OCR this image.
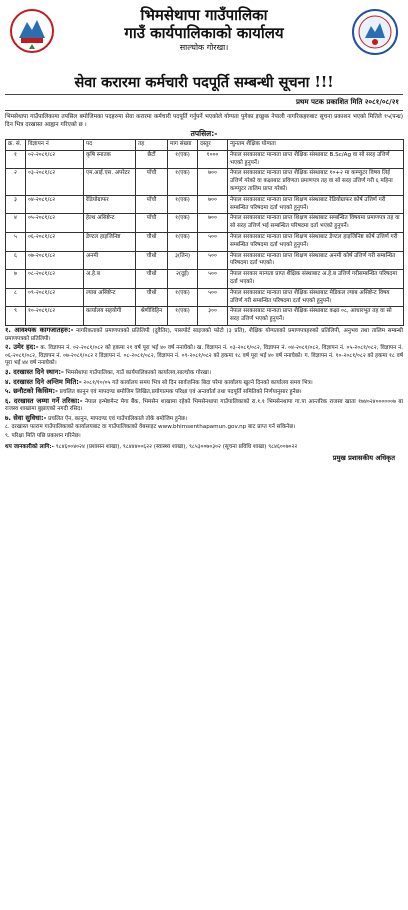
भिमसेथापा गाउँपालिका
गाउँ कार्यपालिकाको कार्यालय
साल्घोक गोरखा।
सेवा करारमा कर्मचारी पदपूर्ति सम्बन्धी सूचना !!!
प्रथम पटक प्रकाशित मिति २०८१/०८/२१
भिमसेथापा गाउँपालिकामा तपसिल बमोजिमका पदहरुमा सेवा करारमा कर्मचारी पदपूर्ति गर्नुपर्ने भएकोले योग्यता पुगेका इच्छुक नेपाली नागरिकहरुबाट सूचना प्रकाशन भएको मितिले १५(पन्ध्र) दिन भित्र दरखास्त आह्वान गरिएको छ ।
तपसिल:-
क्र. सं.	विज्ञापन नं	पद	तह	माग संख्या	दस्तुर	न्युनतम शैक्षिक योग्यता
१	०२-२०८१/८२	कृषि स्नातक	छैटौं	१(एक)	१०००	नेपाल सरकारबाट मान्यता प्राप्त शैक्षिक संस्थाबाट B.Sc/Ag वा सो सरह उत्तिर्ण भएको हुनुपर्ने।
२	०३-२०८१/८२	एम.आई.एस. अपरेटर	पाँचौ	१(एक)	७००	नेपाल सरकारबाट मान्यता प्राप्त शैक्षिक संस्थाबाट १०+२ मा कम्प्युटर विषय लिई उत्तिर्ण गरेको वा कक्षाबाट प्रविणता प्रमाणपत्र तह वा सो सरह उत्तिर्ण गरी ६ महिना कम्प्युटर तालिम प्राप्त गरेको।
३	०४-२०८१/८२	रेडियोग्राफर	पाँचौ	१(एक)	७००	नेपाल सरकारबाट मान्यता प्राप्त शिक्षण संस्थाबाट रेडियोग्राफर कोर्ष उत्तिर्ण गरी सम्बन्धित परिषदमा दर्ता भएको हुनुपर्ने।
४	०५-२०८१/८२	हेल्थ असिष्टेन्ट	पाँचौ	१(एक)	७००	नेपाल सरकारबाट मान्यता प्राप्त शिक्षण संस्थाबाट सम्बन्धित विषयमा प्रमाणपत्र तह वा सो सरह उत्तिर्ण भई सम्बन्धित परिषदमा दर्ता भएको हुनुपर्ने।
५	०६-२०८१/८२	डेण्टल हाइजिनिष्ट	चौथो	१(एक)	५००	नेपाल सरकारबाट मान्यता प्राप्त शिक्षण संस्थाबाट डेण्टल हाइजिनिष्ट कोर्ष उत्तिर्ण गरी सम्बन्धित परिषदमा दर्ता भएको हुनुपर्ने।
६	०७-२०८१/८२	अनमी	चौथो	३(तिन)	५००	नेपाल सरकारबाट मान्यता प्राप्त शिक्षण संस्थाबाट अनमी कोर्ष उत्तिर्ण गरी सम्बन्धित परिषदमा दर्ता भएको।
७	०८-२०८१/८२	अ.हे.ब	चौथो	२(दुई)	५००	नेपाल सरकार मान्यता प्राप्त शैक्षिक संस्थाबाट अ.हे.ब उत्तिर्ण गरीसम्बन्धित परिषदमा दर्ता भएको।
८	०९-२०८१/८२	ल्याब असिष्टेन्ट	चौथो	१(एक)	५००	नेपाल सरकारबाट मान्यता प्राप्त शैक्षिक संस्थाबाट मेडिकल ल्याब असिष्टेन्ट विषय उत्तिर्ण गरी सम्बन्धित परिषदमा दर्ता भएको हुनुपर्ने।
९	१०-२०८१/८२	कार्यालय सहयोगी	श्रेणीविहिन	१(एक)	३००	नेपाल सरकारबाट मान्यता प्राप्त शैक्षिक संस्थाबाट कक्षा ०८, आधारभूत तह वा सो सरह उत्तिर्ण भएको हुनुपर्ने।
१. आवश्यक कागजातहरु:- नागरिकताको प्रमाणपत्रको प्रतिलिपी (दुवैतिर), पासपोर्ट साइजको फोटो (३ प्रति), शैक्षिक योग्यताको प्रमाणपत्रहरुको प्रतिलिपी, अनुभव तथा तालिम सम्बन्धी प्रमाणपत्रको प्रतिलिपी।
२. उमेर हद:- क. विज्ञापन नं. ०२-२०८१/०८२ को हकमा २१ वर्ष पूरा भई ४० वर्ष ननाघेको। ख. विज्ञापन नं. ०३-२०८१/०८२, विज्ञापन नं. ०४-२०८१/०८२, विज्ञापन नं. ०५-२०८१/०८२, विज्ञापन नं. ०६-२०८१/०८२, विज्ञापन नं. ०७-२०८१/०८२ र विज्ञापन नं. ०८-२०८१/०८२, विज्ञापन नं. ०९-२०८१/०८२ को हकमा १८ वर्ष पूरा भई ४० वर्ष ननाघेको। ग. विज्ञापन नं. १०-२०८१/०८२ को हकमा १८ वर्ष पूरा भई ४४ वर्ष ननाघेको।
३. दरखास्त दिने स्थान:- भिमसेथापा गाउँपालिका, गाउँ कार्यपालिकाको कार्यालय,साल्घोक गोरखा।
४. दरखास्त दिने अन्तिम मिति:- २०८१/१०/०५ गते कार्यालय समय भित्र सो दिन सार्वजनिक बिदा परेमा कार्यालय खुल्ने दिनको कार्यालय समय भित्र।
५. छनौटको किसिम:- प्रचलित कानुन एवं मापदण्ड बमोजिम लिखित,प्रयोगात्मक परिक्षा एवं अन्तर्वार्ता तथा पदपूर्ति समितिको निर्णयानुसार हुनेछ।
६. दरखास्त जम्मा गर्ने तरिका:- नेपाल इन्भेष्टमेन्ट मेगा बैंक, भिमसेन शाखामा रहेको भिमसेनथापा गाउँपालिकाको रा.१.१ भिमसेनथापा गा.पा आन्तरिक राजस्व खाता १७४०२४००००००७ बा राजस्व शाखामा बुझाएको नगदी रसिद।
७. सेवा सुविधा:- प्रचलित ऐन, कानुन, मापदण्ड एवं गाउँपालिकाले तोके बमोजिम हुनेछ।
८. दरखास्त फाराम गाउँपालिकाको कार्यालयबाट वा गाउँपालिकाको वेबसाइट www.bhimsenthapamun.gov.np बाट प्राप्त गर्न सकिनेछ।
९. परिक्षा मिति पछि प्रकाशन गरिनेछ।
थप जानकारीको लागि:- ९८४६००४०२४ (प्रशासन शाखा), ९८४४४००६२२ (स्वास्थ्य शाखा), ९८५३००७०३०२ (सूचना प्रविधि शाखा) ९८४६००७०२२
प्रमुख प्रशासकीय अधिकृत
